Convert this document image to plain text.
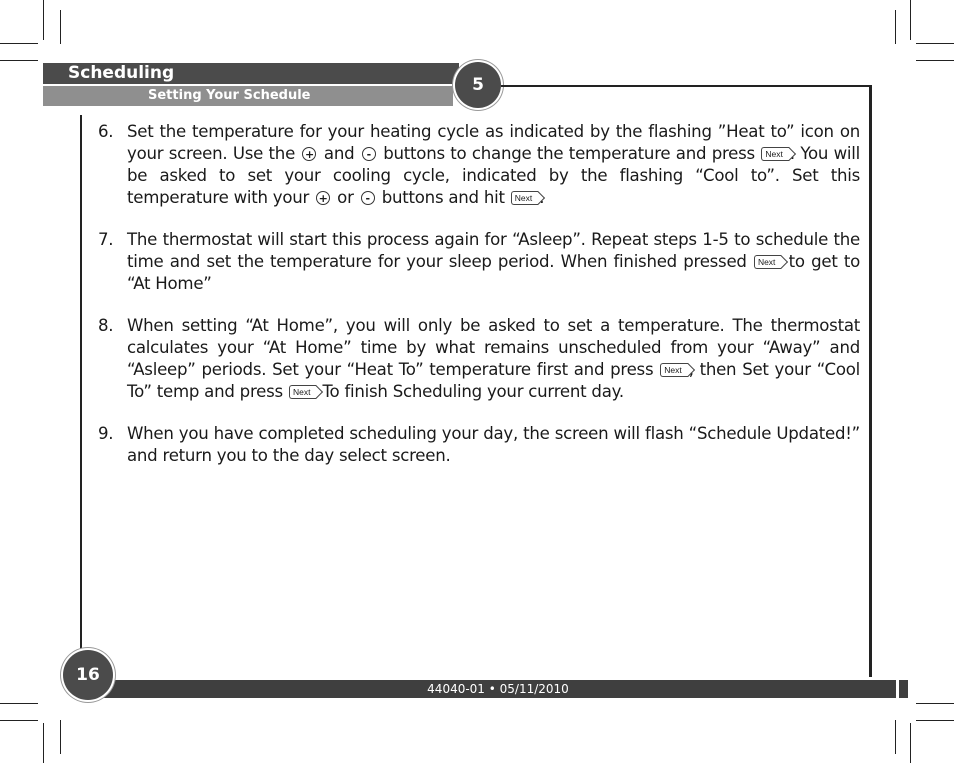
Scheduling
Setting Your Schedule
5
6. Set the temperature for your heating cycle as indicated by the flashing ”Heat to” icon on your screen. Use the + and - buttons to change the temperature and press Next . You will be asked to set your cooling cycle, indicated by the flashing “Cool to”. Set this temperature with your + or - buttons and hit Next .
7. The thermostat will start this process again for “Asleep”. Repeat steps 1-5 to schedule the time and set the temperature for your sleep period. When finished pressed Next to get to “At Home”
8. When setting “At Home”, you will only be asked to set a temperature. The thermostat calculates your “At Home” time by what remains unscheduled from your “Away” and “Asleep” periods. Set your “Heat To” temperature first and press Next , then Set your “Cool To” temp and press Next To finish Scheduling your current day.
9. When you have completed scheduling your day, the screen will flash “Schedule Updated!” and return you to the day select screen.
44040-01 • 05/11/2010
16
